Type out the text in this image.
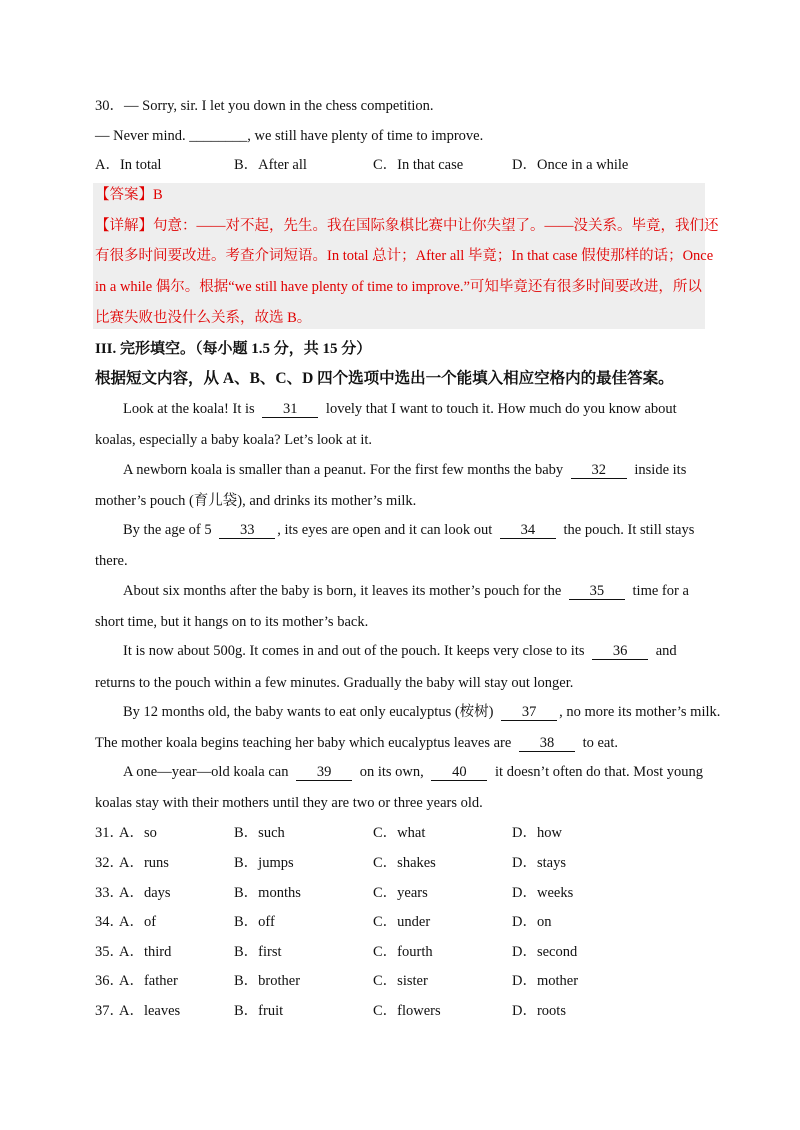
30．— Sorry, sir. I let you down in the chess competition.
— Never mind. ________, we still have plenty of time to improve.
A．In total	B．After all	C．In that case	D．Once in a while
【答案】B
【详解】句意：——对不起，先生。我在国际象棋比赛中让你失望了。——没关系。毕竟，我们还
有很多时间要改进。考查介词短语。In total 总计；After all 毕竟；In that case 假使那样的话；Once
in a while 偶尔。根据“we still have plenty of time to improve.”可知毕竟还有很多时间要改进，所以
比赛失败也没什么关系，故选 B。
III. 完形填空。（每小题 1.5 分，共 15 分）
根据短文内容，从 A、B、C、D 四个选项中选出一个能填入相应空格内的最佳答案。
Look at the koala! It is 31 lovely that I want to touch it. How much do you know about
koalas, especially a baby koala? Let’s look at it.
A newborn koala is smaller than a peanut. For the first few months the baby 32 inside its
mother’s pouch (育儿袋), and drinks its mother’s milk.
By the age of 5 33 , its eyes are open and it can look out 34 the pouch. It still stays
there.
About six months after the baby is born, it leaves its mother’s pouch for the 35 time for a
short time, but it hangs on to its mother’s back.
It is now about 500g. It comes in and out of the pouch. It keeps very close to its 36 and
returns to the pouch within a few minutes. Gradually the baby will stay out longer.
By 12 months old, the baby wants to eat only eucalyptus (桉树) 37 , no more its mother’s milk.
The mother koala begins teaching her baby which eucalyptus leaves are 38 to eat.
A one—year—old koala can 39 on its own, 40 it doesn’t often do that. Most young
koalas stay with their mothers until they are two or three years old.
31．
A．so	B．such	C．what	D．how
32．
A．runs	B．jumps	C．shakes	D．stays
33．
A．days	B．months	C．years	D．weeks
34．
A．of	B．off	C．under	D．on
35．
A．third	B．first	C．fourth	D．second
36．
A．father	B．brother	C．sister	D．mother
37．
A．leaves	B．fruit	C．flowers	D．roots
